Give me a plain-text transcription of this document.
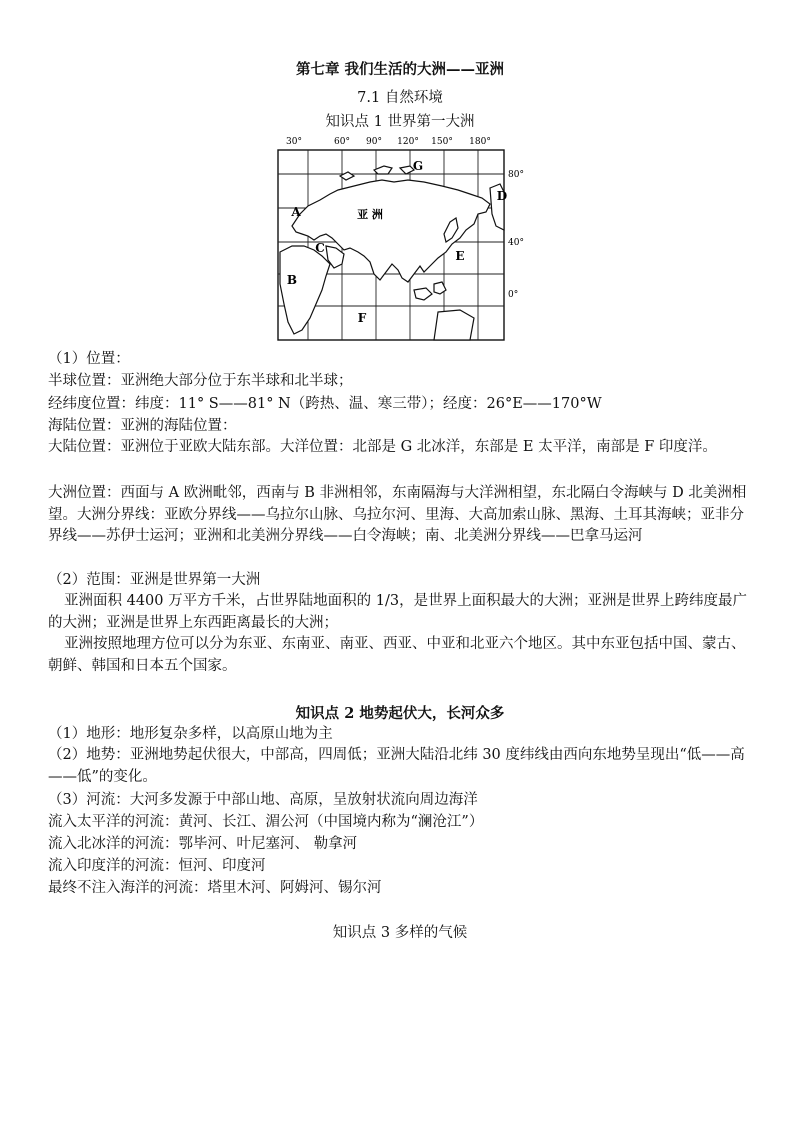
第七章 我们生活的大洲——亚洲
7.1 自然环境
知识点 1 世界第一大洲
30°	60° 90° 120° 150° 180°
G
A	亚 洲
C
D
B
E
F
80°
40°
0°
（1）位置：
半球位置：亚洲绝大部分位于东半球和北半球；
经纬度位置：纬度：11° S——81° N（跨热、温、寒三带）；经度：26°E——170°W
海陆位置：亚洲的海陆位置：
大陆位置：亚洲位于亚欧大陆东部。大洋位置：北部是 G 北冰洋，东部是 E 太平洋，南部是 F 印度洋。
大洲位置：西面与 A 欧洲毗邻，西南与 B 非洲相邻，东南隔海与大洋洲相望，东北隔白令海峡与 D 北美洲相望。大洲分界线：亚欧分界线——乌拉尔山脉、乌拉尔河、里海、大高加索山脉、黑海、土耳其海峡；亚非分界线——苏伊士运河；亚洲和北美洲分界线——白令海峡；南、北美洲分界线——巴拿马运河
（2）范围：亚洲是世界第一大洲
亚洲面积 4400 万平方千米，占世界陆地面积的 1/3，是世界上面积最大的大洲；亚洲是世界上跨纬度最广的大洲；亚洲是世界上东西距离最长的大洲；
亚洲按照地理方位可以分为东亚、东南亚、南亚、西亚、中亚和北亚六个地区。其中东亚包括中国、蒙古、朝鲜、韩国和日本五个国家。
知识点 2 地势起伏大，长河众多
（1）地形：地形复杂多样，以高原山地为主
（2）地势：亚洲地势起伏很大，中部高，四周低；亚洲大陆沿北纬 30 度纬线由西向东地势呈现出“低——高——低”的变化。
（3）河流：大河多发源于中部山地、高原，呈放射状流向周边海洋
流入太平洋的河流：黄河、长江、湄公河（中国境内称为“澜沧江”）
流入北冰洋的河流：鄂毕河、叶尼塞河、 勒拿河
流入印度洋的河流：恒河、印度河
最终不注入海洋的河流：塔里木河、阿姆河、锡尔河
知识点 3 多样的气候
